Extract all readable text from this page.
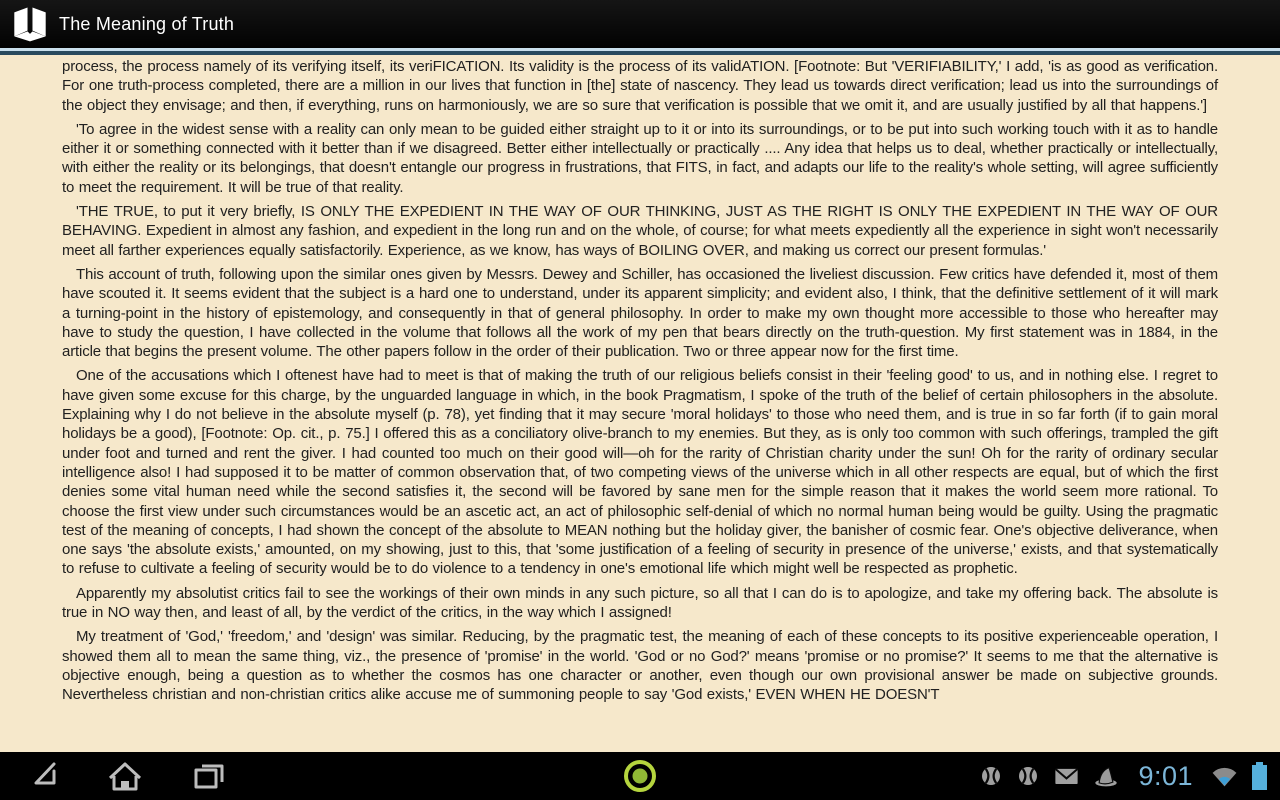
The Meaning of Truth

process, the process namely of its verifying itself, its veriFICATION. Its validity is the process of its validATION. [Footnote: But 'VERIFIABILITY,' I add, 'is as good as verification. For one truth-process completed, there are a million in our lives that function in [the] state of nascency. They lead us towards direct verification; lead us into the surroundings of the object they envisage; and then, if everything, runs on harmoniously, we are so sure that verification is possible that we omit it, and are usually justified by all that happens.']

'To agree in the widest sense with a reality can only mean to be guided either straight up to it or into its surroundings, or to be put into such working touch with it as to handle either it or something connected with it better than if we disagreed. Better either intellectually or practically .... Any idea that helps us to deal, whether practically or intellectually, with either the reality or its belongings, that doesn't entangle our progress in frustrations, that FITS, in fact, and adapts our life to the reality's whole setting, will agree sufficiently to meet the requirement. It will be true of that reality.

'THE TRUE, to put it very briefly, IS ONLY THE EXPEDIENT IN THE WAY OF OUR THINKING, JUST AS THE RIGHT IS ONLY THE EXPEDIENT IN THE WAY OF OUR BEHAVING. Expedient in almost any fashion, and expedient in the long run and on the whole, of course; for what meets expediently all the experience in sight won't necessarily meet all farther experiences equally satisfactorily. Experience, as we know, has ways of BOILING OVER, and making us correct our present formulas.'

This account of truth, following upon the similar ones given by Messrs. Dewey and Schiller, has occasioned the liveliest discussion. Few critics have defended it, most of them have scouted it. It seems evident that the subject is a hard one to understand, under its apparent simplicity; and evident also, I think, that the definitive settlement of it will mark a turning-point in the history of epistemology, and consequently in that of general philosophy. In order to make my own thought more accessible to those who hereafter may have to study the question, I have collected in the volume that follows all the work of my pen that bears directly on the truth-question. My first statement was in 1884, in the article that begins the present volume. The other papers follow in the order of their publication. Two or three appear now for the first time.

One of the accusations which I oftenest have had to meet is that of making the truth of our religious beliefs consist in their 'feeling good' to us, and in nothing else. I regret to have given some excuse for this charge, by the unguarded language in which, in the book Pragmatism, I spoke of the truth of the belief of certain philosophers in the absolute. Explaining why I do not believe in the absolute myself (p. 78), yet finding that it may secure 'moral holidays' to those who need them, and is true in so far forth (if to gain moral holidays be a good), [Footnote: Op. cit., p. 75.] I offered this as a conciliatory olive-branch to my enemies. But they, as is only too common with such offerings, trampled the gift under foot and turned and rent the giver. I had counted too much on their good will—oh for the rarity of Christian charity under the sun! Oh for the rarity of ordinary secular intelligence also! I had supposed it to be matter of common observation that, of two competing views of the universe which in all other respects are equal, but of which the first denies some vital human need while the second satisfies it, the second will be favored by sane men for the simple reason that it makes the world seem more rational. To choose the first view under such circumstances would be an ascetic act, an act of philosophic self-denial of which no normal human being would be guilty. Using the pragmatic test of the meaning of concepts, I had shown the concept of the absolute to MEAN nothing but the holiday giver, the banisher of cosmic fear. One's objective deliverance, when one says 'the absolute exists,' amounted, on my showing, just to this, that 'some justification of a feeling of security in presence of the universe,' exists, and that systematically to refuse to cultivate a feeling of security would be to do violence to a tendency in one's emotional life which might well be respected as prophetic.

Apparently my absolutist critics fail to see the workings of their own minds in any such picture, so all that I can do is to apologize, and take my offering back. The absolute is true in NO way then, and least of all, by the verdict of the critics, in the way which I assigned!

My treatment of 'God,' 'freedom,' and 'design' was similar. Reducing, by the pragmatic test, the meaning of each of these concepts to its positive experienceable operation, I showed them all to mean the same thing, viz., the presence of 'promise' in the world. 'God or no God?' means 'promise or no promise?' It seems to me that the alternative is objective enough, being a question as to whether the cosmos has one character or another, even though our own provisional answer be made on subjective grounds. Nevertheless christian and non-christian critics alike accuse me of summoning people to say 'God exists,' EVEN WHEN HE DOESN'T

9:01
